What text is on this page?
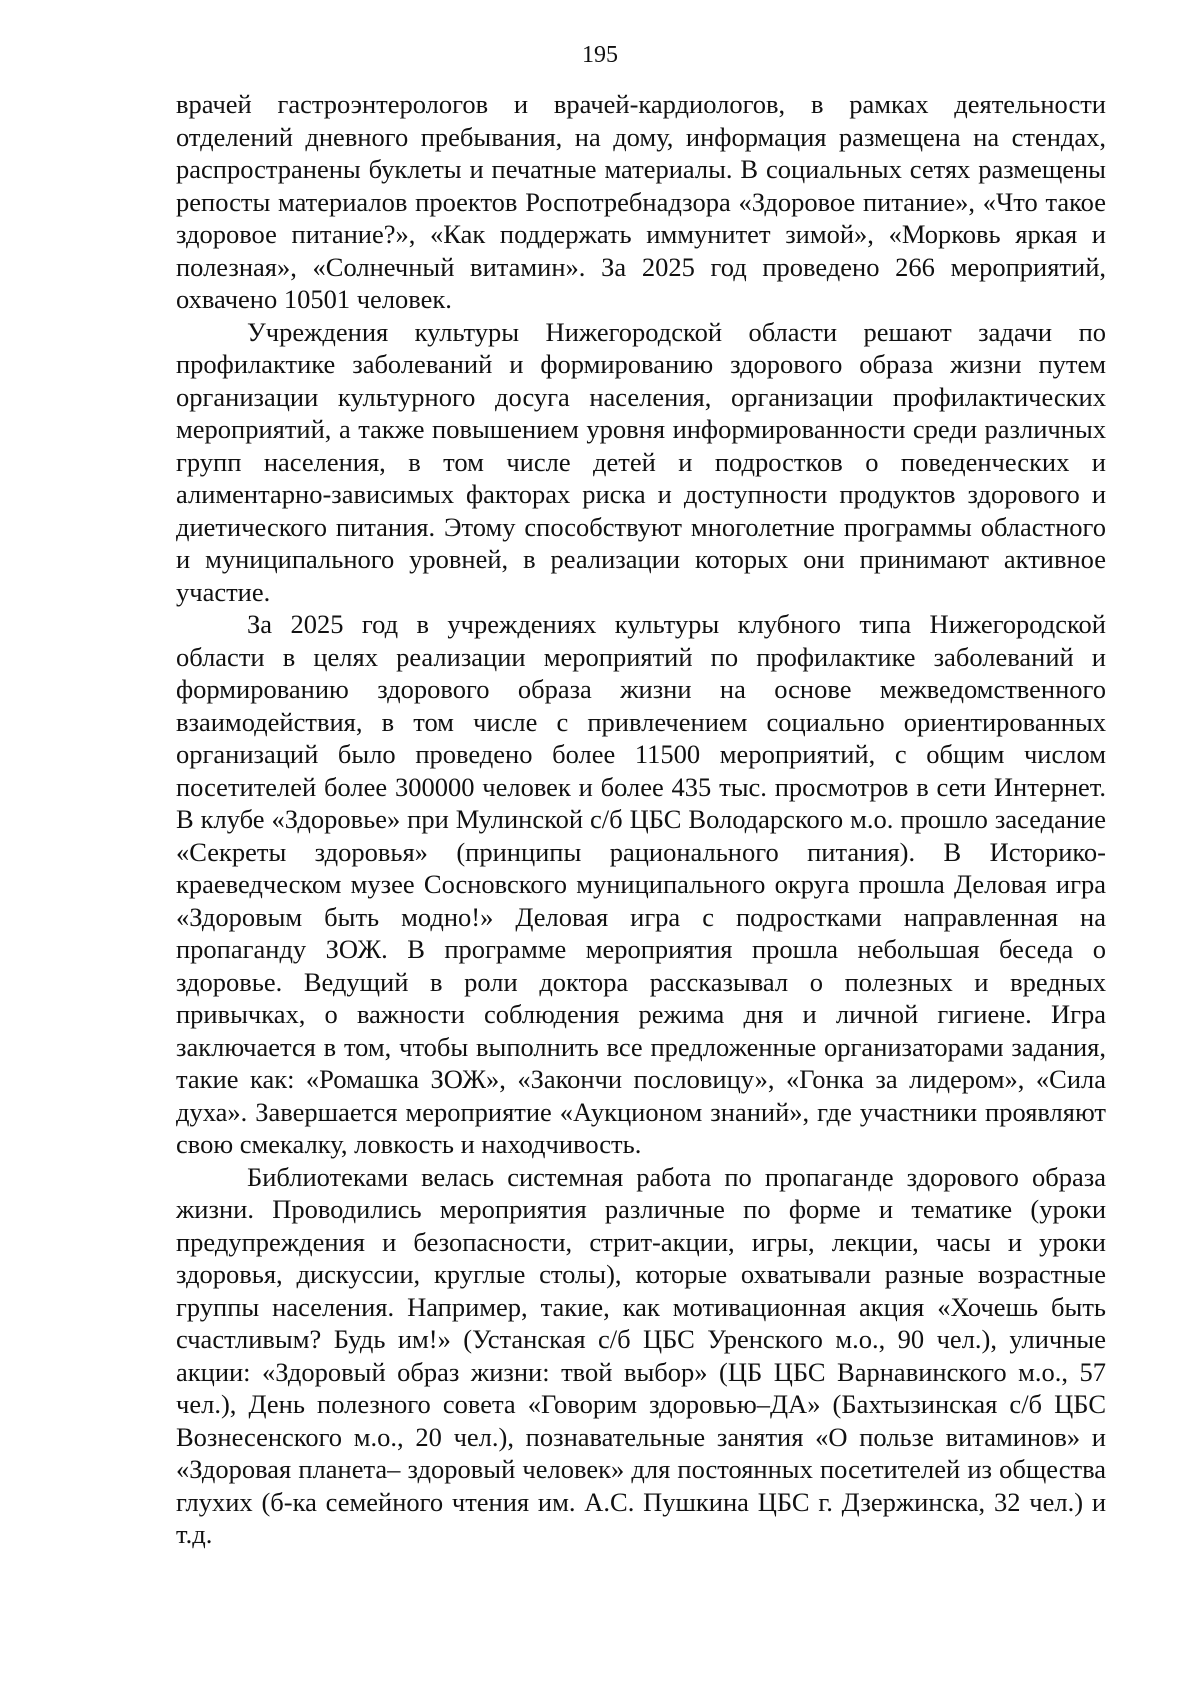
195

врачей гастроэнтерологов и врачей-кардиологов, в рамках деятельности отделений дневного пребывания, на дому, информация размещена на стендах, распространены буклеты и печатные материалы. В социальных сетях размещены репосты материалов проектов Роспотребнадзора «Здоровое питание», «Что такое здоровое питание?», «Как поддержать иммунитет зимой», «Морковь яркая и полезная», «Солнечный витамин». За 2025 год проведено 266 мероприятий, охвачено 10501 человек.

Учреждения культуры Нижегородской области решают задачи по профилактике заболеваний и формированию здорового образа жизни путем организации культурного досуга населения, организации профилактических мероприятий, а также повышением уровня информированности среди различных групп населения, в том числе детей и подростков о поведенческих и алиментарно-зависимых факторах риска и доступности продуктов здорового и диетического питания. Этому способствуют многолетние программы областного и муниципального уровней, в реализации которых они принимают активное участие.

За 2025 год в учреждениях культуры клубного типа Нижегородской области в целях реализации мероприятий по профилактике заболеваний и формированию здорового образа жизни на основе межведомственного взаимодействия, в том числе с привлечением социально ориентированных организаций было проведено более 11500 мероприятий, с общим числом посетителей более 300000 человек и более 435 тыс. просмотров в сети Интернет. В клубе «Здоровье» при Мулинской с/б ЦБС Володарского м.о. прошло заседание «Секреты здоровья» (принципы рационального питания). В Историко-краеведческом музее Сосновского муниципального округа прошла Деловая игра «Здоровым быть модно!» Деловая игра с подростками направленная на пропаганду ЗОЖ. В программе мероприятия прошла небольшая беседа о здоровье. Ведущий в роли доктора рассказывал о полезных и вредных привычках, о важности соблюдения режима дня и личной гигиене. Игра заключается в том, чтобы выполнить все предложенные организаторами задания, такие как: «Ромашка ЗОЖ», «Закончи пословицу», «Гонка за лидером», «Сила духа». Завершается мероприятие «Аукционом знаний», где участники проявляют свою смекалку, ловкость и находчивость.

Библиотеками велась системная работа по пропаганде здорового образа жизни. Проводились мероприятия различные по форме и тематике (уроки предупреждения и безопасности, стрит-акции, игры, лекции, часы и уроки здоровья, дискуссии, круглые столы), которые охватывали разные возрастные группы населения. Например, такие, как мотивационная акция «Хочешь быть счастливым? Будь им!» (Устанская с/б ЦБС Уренского м.о., 90 чел.), уличные акции: «Здоровый образ жизни: твой выбор» (ЦБ ЦБС Варнавинского м.о., 57 чел.), День полезного совета «Говорим здоровью–ДА» (Бахтызинская с/б ЦБС Вознесенского м.о., 20 чел.), познавательные занятия «О пользе витаминов» и «Здоровая планета– здоровый человек» для постоянных посетителей из общества глухих (б-ка семейного чтения им. А.С. Пушкина ЦБС г. Дзержинска, 32 чел.) и т.д.
